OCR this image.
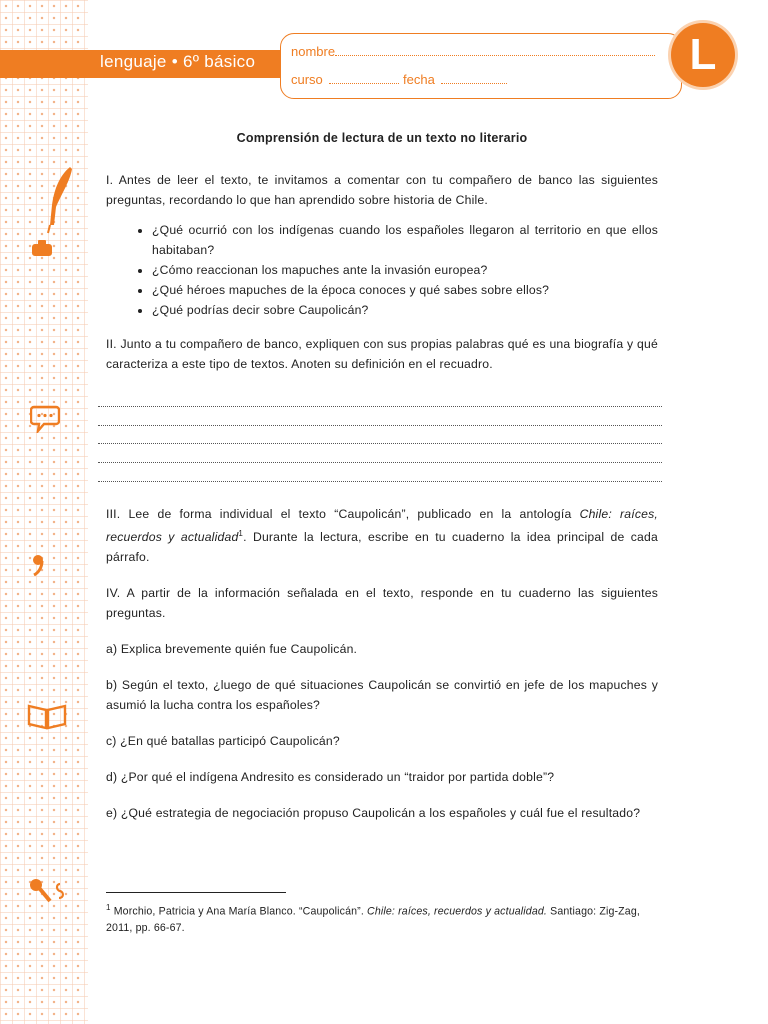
lenguaje • 6º básico
nombre
curso	fecha
L
Comprensión de lectura de un texto no literario

I. Antes de leer el texto, te invitamos a comentar con tu compañero de banco las siguientes preguntas, recordando lo que han aprendido sobre historia de Chile.

• ¿Qué ocurrió con los indígenas cuando los españoles llegaron al territorio en que ellos habitaban?
• ¿Cómo reaccionan los mapuches ante la invasión europea?
• ¿Qué héroes mapuches de la época conoces y qué sabes sobre ellos?
• ¿Qué podrías decir sobre Caupolicán?

II. Junto a tu compañero de banco, expliquen con sus propias palabras qué es una biografía y qué caracteriza a este tipo de textos. Anoten su definición en el recuadro.

III. Lee de forma individual el texto “Caupolicán”, publicado en la antología Chile: raíces, recuerdos y actualidad$^1$. Durante la lectura, escribe en tu cuaderno la idea principal de cada párrafo.

IV. A partir de la información señalada en el texto, responde en tu cuaderno las siguientes preguntas.

a) Explica brevemente quién fue Caupolicán.

b) Según el texto, ¿luego de qué situaciones Caupolicán se convirtió en jefe de los mapuches y asumió la lucha contra los españoles?

c) ¿En qué batallas participó Caupolicán?

d) ¿Por qué el indígena Andresito es considerado un “traidor por partida doble”?

e) ¿Qué estrategia de negociación propuso Caupolicán a los españoles y cuál fue el resultado?

$^1$ Morchio, Patricia y Ana María Blanco. “Caupolicán”. Chile: raíces, recuerdos y actualidad. Santiago: Zig-Zag, 2011, pp. 66-67.
